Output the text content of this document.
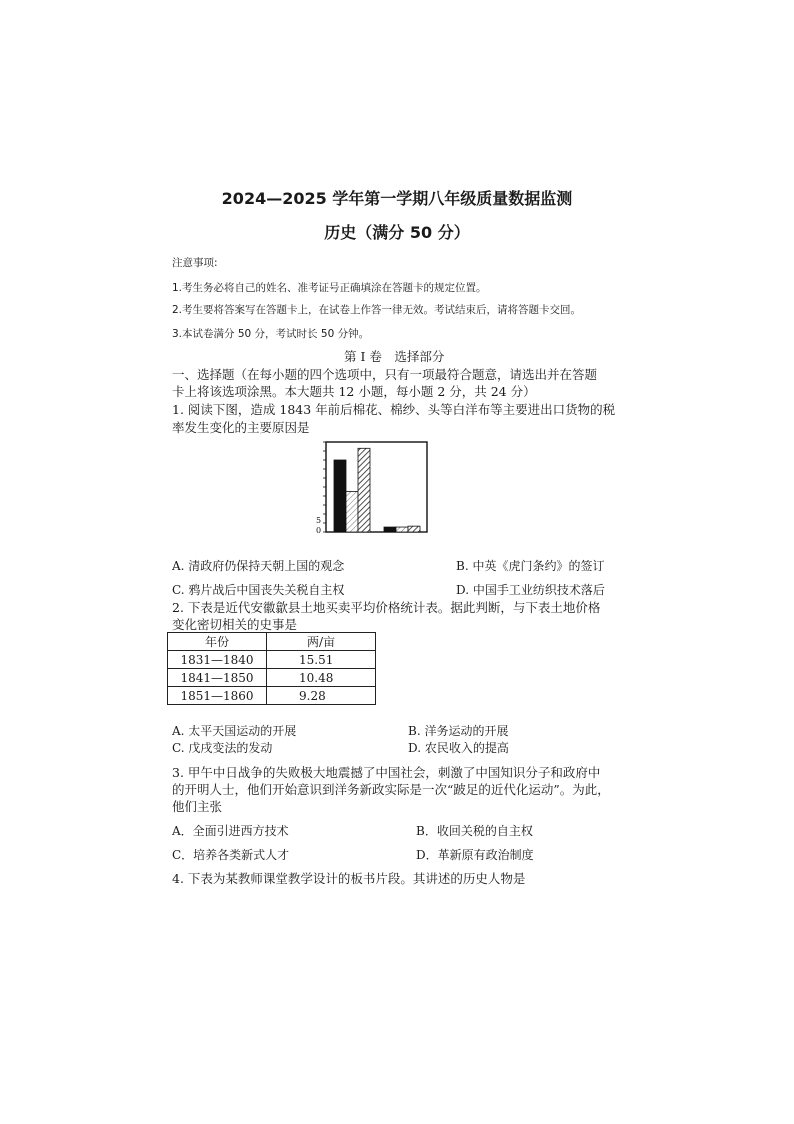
2024—2025 学年第一学期八年级质量数据监测
历史（满分 50 分）
注意事项:
1.考生务必将自己的姓名、准考证号正确填涂在答题卡的规定位置。
2.考生要将答案写在答题卡上，在试卷上作答一律无效。考试结束后，请将答题卡交回。
3.本试卷满分 50 分，考试时长 50 分钟。
第 I 卷　选择部分
一、选择题（在每小题的四个选项中，只有一项最符合题意，请选出并在答题
卡上将该选项涂黑。本大题共 12 小题，每小题 2 分，共 24 分）
1. 阅读下图，造成 1843 年前后棉花、棉纱、头等白洋布等主要进出口货物的税
率发生变化的主要原因是
5
0
A. 清政府仍保持天朝上国的观念	B. 中英《虎门条约》的签订
C. 鸦片战后中国丧失关税自主权	D. 中国手工业纺织技术落后
2. 下表是近代安徽歙县土地买卖平均价格统计表。据此判断，与下表土地价格
变化密切相关的史事是
年份	两/亩
1831—1840	15.51
1841—1850	10.48
1851—1860	9.28
A. 太平天国运动的开展	B. 洋务运动的开展
C. 戊戌变法的发动	D. 农民收入的提高
3. 甲午中日战争的失败极大地震撼了中国社会，刺激了中国知识分子和政府中
的开明人士，他们开始意识到洋务新政实际是一次“跛足的近代化运动”。为此，
他们主张
A．全面引进西方技术	B．收回关税的自主权
C．培养各类新式人才	D．革新原有政治制度
4. 下表为某教师课堂教学设计的板书片段。其讲述的历史人物是
